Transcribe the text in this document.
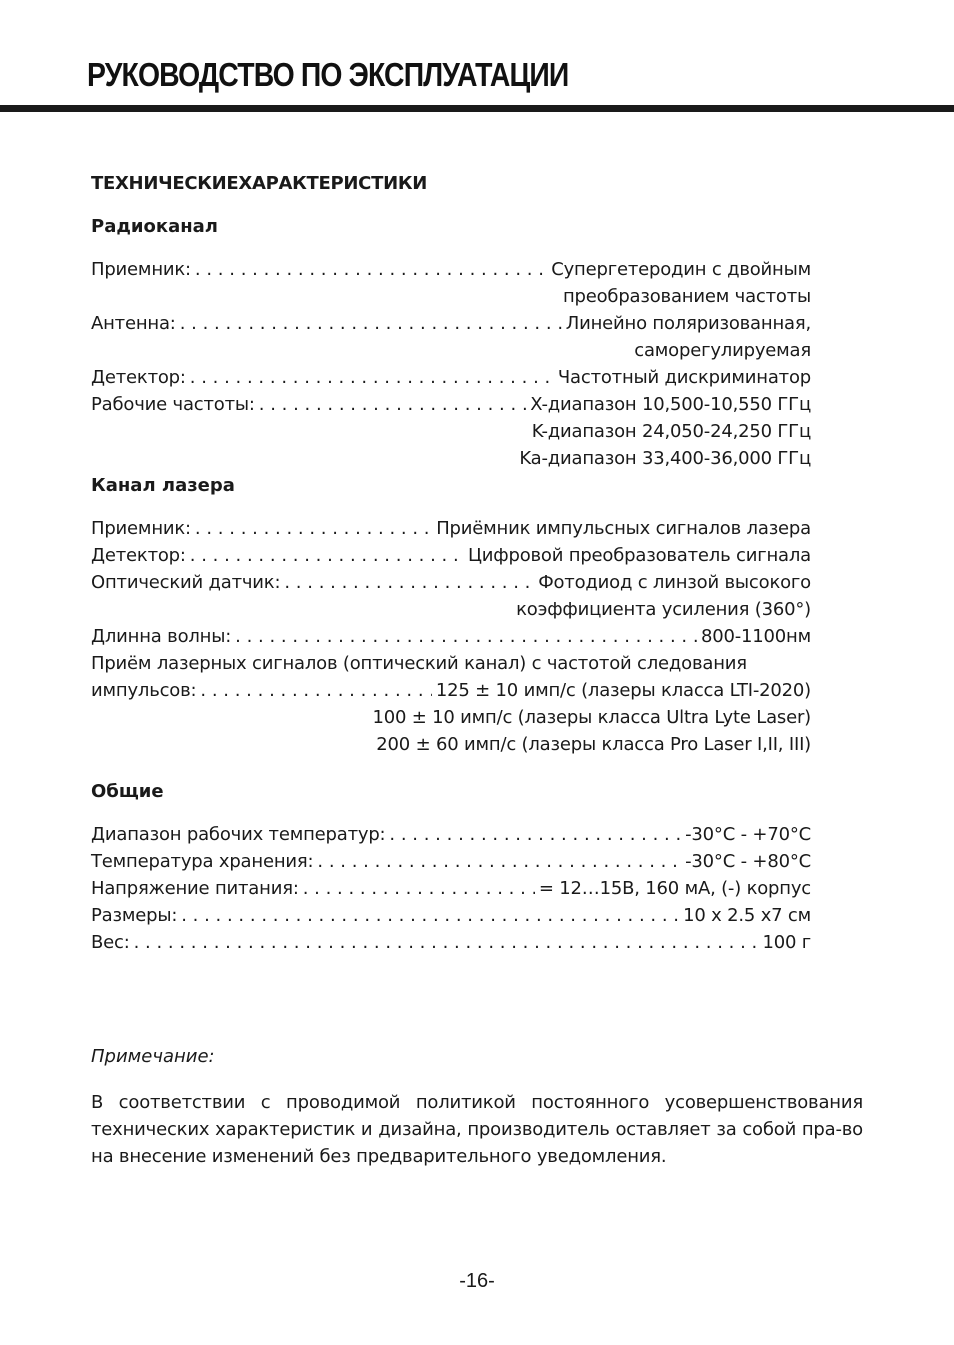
РУКОВОДСТВО ПО ЭКСПЛУАТАЦИИ

ТЕХНИЧЕСКИЕХАРАКТЕРИСТИКИ

Радиоканал

Приемник: . . .	Супергетеродин с двойным
преобразованием частоты
Антенна: . . .	Линейно поляризованная,
саморегулируемая
Детектор: . . .	Частотный дискриминатор
Рабочие частоты: . . .	X-диапазон 10,500-10,550 ГГц
K-диапазон 24,050-24,250 ГГц
Ka-диапазон 33,400-36,000 ГГц

Канал лазера

Приемник: . . .	Приёмник импульсных сигналов лазера
Детектор: . . .	Цифровой преобразователь сигнала
Оптический датчик: . . .	Фотодиод с линзой высокого
коэффициента усиления (360°)
Длинна волны: . . .	800-1100нм
Приём лазерных сигналов (оптический канал) с частотой следования
импульсов: . . .	125 ± 10 имп/с (лазеры класса LTI-2020)
100 ± 10 имп/с (лазеры класса Ultra Lyte Laser)
200 ± 60 имп/с (лазеры класса Pro Laser I,II, III)

Общие

Диапазон рабочих температур: . . .	-30°C - +70°C
Температура хранения: . . .	-30°C - +80°C
Напряжение питания: . . .	= 12…15В, 160 мА, (-) корпус
Размеры: . . .	10 х 2.5 х7 см
Вес: . . .	100 г

Примечание:

В соответствии с проводимой политикой постоянного усовершенствования технических характеристик и дизайна, производитель оставляет за собой пра-во на внесение изменений без предварительного уведомления.

-16-
